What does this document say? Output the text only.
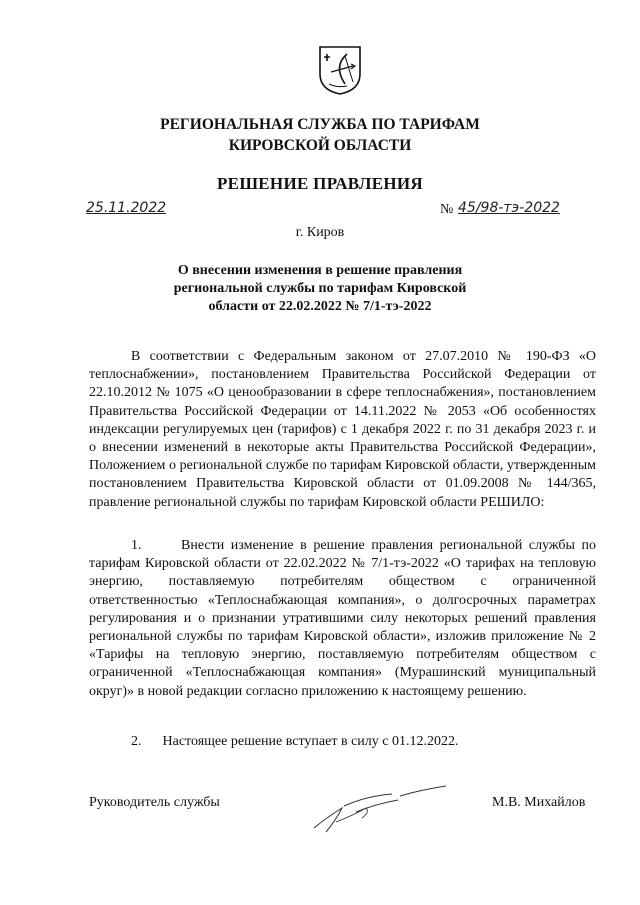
РЕГИОНАЛЬНАЯ СЛУЖБА ПО ТАРИФАМ
КИРОВСКОЙ ОБЛАСТИ
РЕШЕНИЕ ПРАВЛЕНИЯ
25.11.2022	№ 45/98-тэ-2022
г. Киров
О внесении изменения в решение правления региональной службы по тарифам Кировской области от 22.02.2022 № 7/1-тэ-2022
В соответствии с Федеральным законом от 27.07.2010 № 190-ФЗ «О теплоснабжении», постановлением Правительства Российской Федерации от 22.10.2012 № 1075 «О ценообразовании в сфере теплоснабжения», постановлением Правительства Российской Федерации от 14.11.2022 № 2053 «Об особенностях индексации регулируемых цен (тарифов) с 1 декабря 2022 г. по 31 декабря 2023 г. и о внесении изменений в некоторые акты Правительства Российской Федерации», Положением о региональной службе по тарифам Кировской области, утвержденным постановлением Правительства Кировской области от 01.09.2008 № 144/365, правление региональной службы по тарифам Кировской области РЕШИЛО:
1.      Внести изменение в решение правления региональной службы по тарифам Кировской области от 22.02.2022 № 7/1-тэ-2022 «О тарифах на тепловую энергию, поставляемую потребителям обществом с ограниченной ответственностью «Теплоснабжающая компания», о долгосрочных параметрах регулирования и о признании утратившими силу некоторых решений правления региональной службы по тарифам Кировской области», изложив приложение № 2 «Тарифы на тепловую энергию, поставляемую потребителям обществом с ограниченной «Теплоснабжающая компания» (Мурашинский муниципальный округ)» в новой редакции согласно приложению к настоящему решению.
2.      Настоящее решение вступает в силу с 01.12.2022.
Руководитель службы	М.В. Михайлов
